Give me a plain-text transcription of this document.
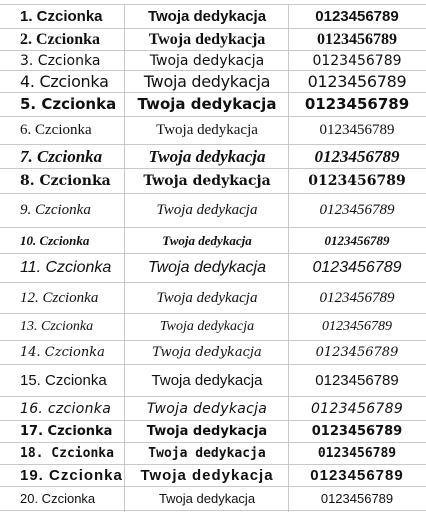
1. Czcionka	Twoja dedykacja	0123456789
2. Czcionka	Twoja dedykacja	0123456789
3. Czcionka	Twoja dedykacja	0123456789
4. Czcionka	Twoja dedykacja	0123456789
5. Czcionka	Twoja dedykacja	0123456789
6. Czcionka	Twoja dedykacja	0123456789
7. Czcionka	Twoja dedykacja	0123456789
8. Czcionka	Twoja dedykacja	0123456789
9. Czcionka	Twoja dedykacja	0123456789
10. Czcionka	Twoja dedykacja	0123456789
11. Czcionka	Twoja dedykacja	0123456789
12. Czcionka	Twoja dedykacja	0123456789
13. Czcionka	Twoja dedykacja	0123456789
14. Czcionka	Twoja dedykacja	0123456789
15. Czcionka	Twoja dedykacja	0123456789
16. czcionka	Twoja dedykacja	0123456789
17. Czcionka	Twoja dedykacja	0123456789
18. Czcionka	Twoja dedykacja	0123456789
19. Czcionka	Twoja dedykacja	0123456789
20. Czcionka	Twoja dedykacja	0123456789
